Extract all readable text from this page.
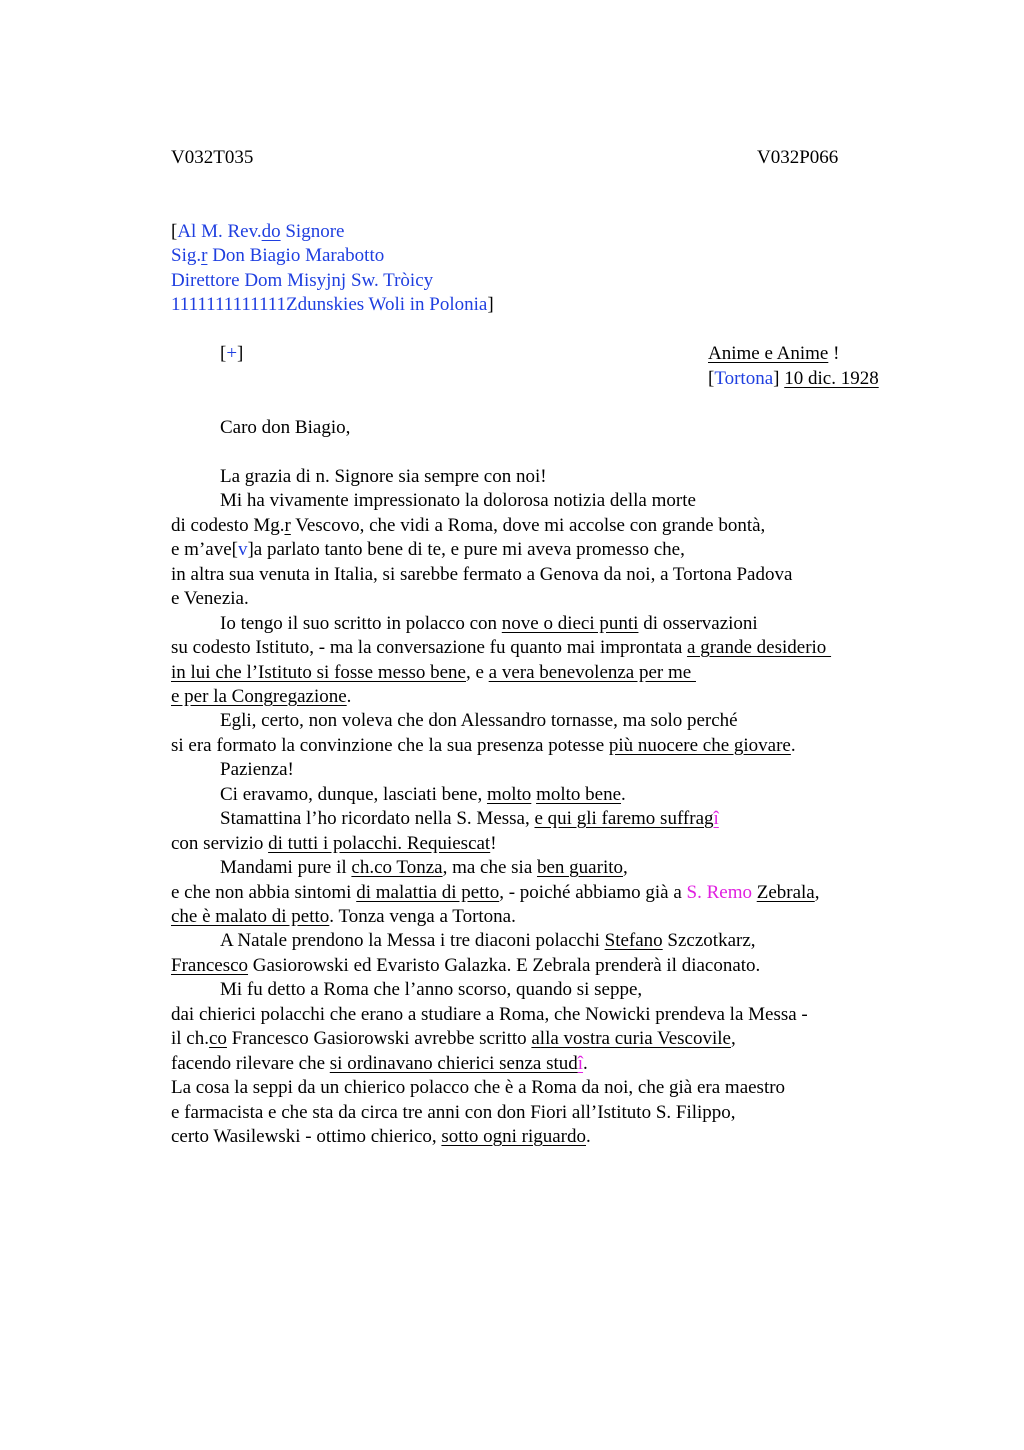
V032T035	V032P066
[Al M. Rev.do Signore
Sig.r Don Biagio Marabotto
Direttore Dom Misyjnj Sw. Tròicy
1111111111111Zdunskies Woli in Polonia]
[+]	Anime e Anime !
[Tortona] 10 dic. 1928
Caro don Biagio,
La grazia di n. Signore sia sempre con noi!
Mi ha vivamente impressionato la dolorosa notizia della morte
di codesto Mg.r Vescovo, che vidi a Roma, dove mi accolse con grande bontà,
e m’ave[v]a parlato tanto bene di te, e pure mi aveva promesso che,
in altra sua venuta in Italia, si sarebbe fermato a Genova da noi, a Tortona Padova
e Venezia.
Io tengo il suo scritto in polacco con nove o dieci punti di osservazioni
su codesto Istituto, - ma la conversazione fu quanto mai improntata a grande desiderio
in lui che l’Istituto si fosse messo bene, e a vera benevolenza per me
e per la Congregazione.
Egli, certo, non voleva che don Alessandro tornasse, ma solo perché
si era formato la convinzione che la sua presenza potesse più nuocere che giovare.
Pazienza!
Ci eravamo, dunque, lasciati bene, molto molto bene.
Stamattina l’ho ricordato nella S. Messa, e qui gli faremo suffragî
con servizio di tutti i polacchi. Requiescat!
Mandami pure il ch.co Tonza, ma che sia ben guarito,
e che non abbia sintomi di malattia di petto, - poiché abbiamo già a S. Remo Zebrala,
che è malato di petto. Tonza venga a Tortona.
A Natale prendono la Messa i tre diaconi polacchi Stefano Szczotkarz,
Francesco Gasiorowski ed Evaristo Galazka. E Zebrala prenderà il diaconato.
Mi fu detto a Roma che l’anno scorso, quando si seppe,
dai chierici polacchi che erano a studiare a Roma, che Nowicki prendeva la Messa -
il ch.co Francesco Gasiorowski avrebbe scritto alla vostra curia Vescovile,
facendo rilevare che si ordinavano chierici senza studî.
La cosa la seppi da un chierico polacco che è a Roma da noi, che già era maestro
e farmacista e che sta da circa tre anni con don Fiori all’Istituto S. Filippo,
certo Wasilewski - ottimo chierico, sotto ogni riguardo.
